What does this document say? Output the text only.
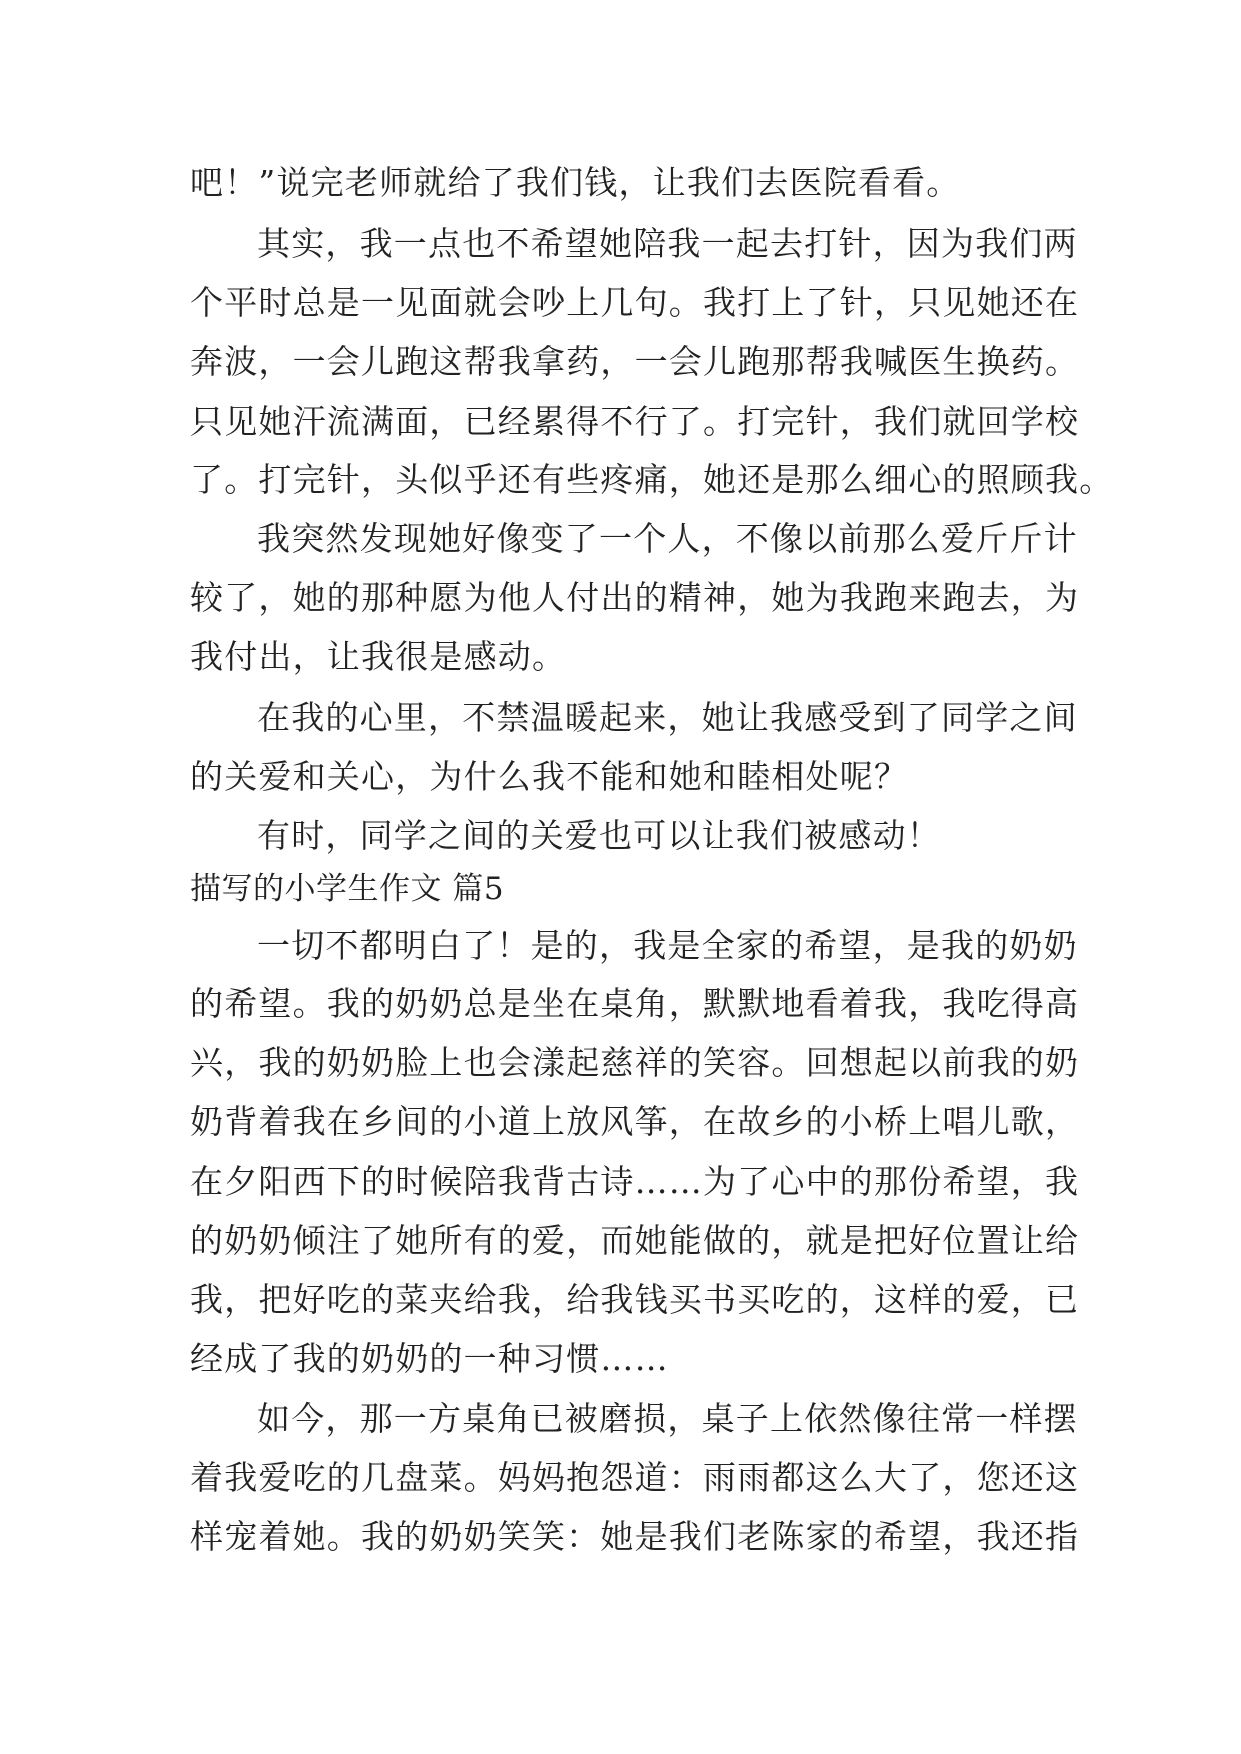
吧！”说完老师就给了我们钱，让我们去医院看看。
其实，我一点也不希望她陪我一起去打针，因为我们两
个平时总是一见面就会吵上几句。我打上了针，只见她还在
奔波，一会儿跑这帮我拿药，一会儿跑那帮我喊医生换药。
只见她汗流满面，已经累得不行了。打完针，我们就回学校
了。打完针，头似乎还有些疼痛，她还是那么细心的照顾我。
我突然发现她好像变了一个人，不像以前那么爱斤斤计
较了，她的那种愿为他人付出的精神，她为我跑来跑去，为
我付出，让我很是感动。
在我的心里，不禁温暖起来，她让我感受到了同学之间
的关爱和关心，为什么我不能和她和睦相处呢？
有时，同学之间的关爱也可以让我们被感动！
描写的小学生作文 篇5
一切不都明白了！是的，我是全家的希望，是我的奶奶
的希望。我的奶奶总是坐在桌角，默默地看着我，我吃得高
兴，我的奶奶脸上也会漾起慈祥的笑容。回想起以前我的奶
奶背着我在乡间的小道上放风筝，在故乡的小桥上唱儿歌，
在夕阳西下的时候陪我背古诗……为了心中的那份希望，我
的奶奶倾注了她所有的爱，而她能做的，就是把好位置让给
我，把好吃的菜夹给我，给我钱买书买吃的，这样的爱，已
经成了我的奶奶的一种习惯……
如今，那一方桌角已被磨损，桌子上依然像往常一样摆
着我爱吃的几盘菜。妈妈抱怨道：雨雨都这么大了，您还这
样宠着她。我的奶奶笑笑：她是我们老陈家的希望，我还指
